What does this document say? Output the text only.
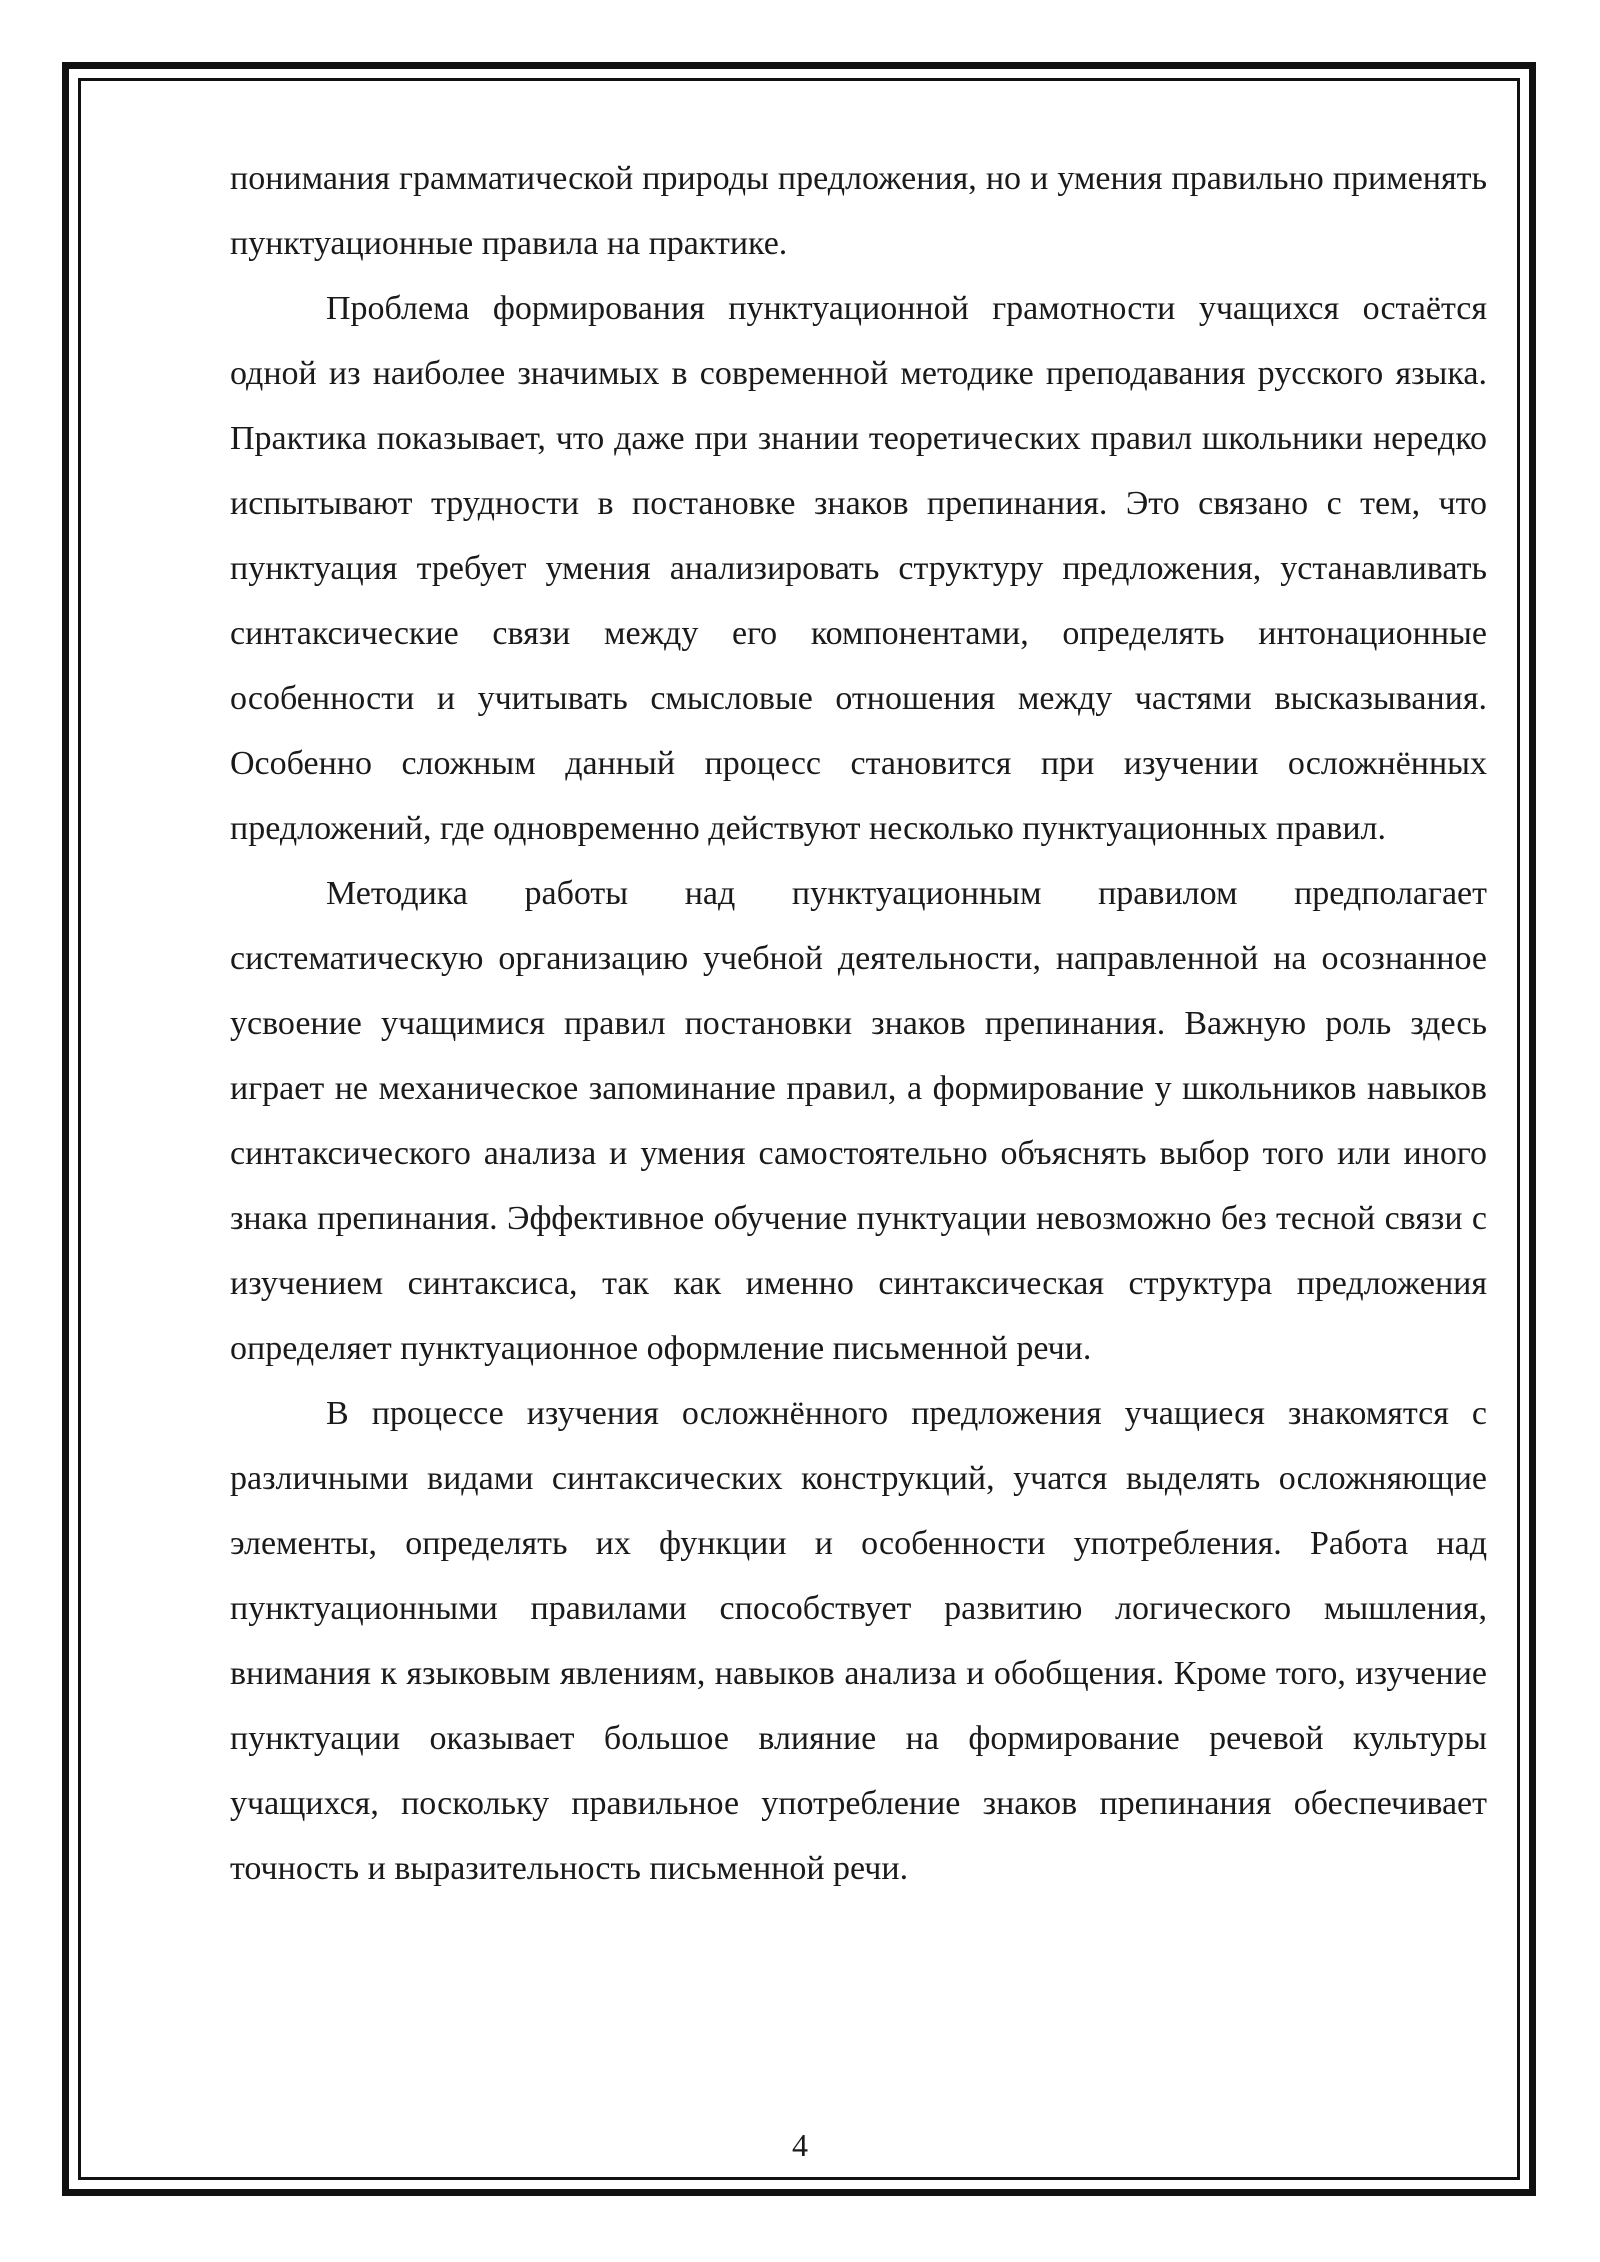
понимания грамматической природы предложения, но и умения правильно применять пунктуационные правила на практике.

Проблема формирования пунктуационной грамотности учащихся остаётся одной из наиболее значимых в современной методике преподавания русского языка. Практика показывает, что даже при знании теоретических правил школьники нередко испытывают трудности в постановке знаков препинания. Это связано с тем, что пунктуация требует умения анализировать структуру предложения, устанавливать синтаксические связи между его компонентами, определять интонационные особенности и учитывать смысловые отношения между частями высказывания. Особенно сложным данный процесс становится при изучении осложнённых предложений, где одновременно действуют несколько пунктуационных правил.

Методика работы над пунктуационным правилом предполагает систематическую организацию учебной деятельности, направленной на осознанное усвоение учащимися правил постановки знаков препинания. Важную роль здесь играет не механическое запоминание правил, а формирование у школьников навыков синтаксического анализа и умения самостоятельно объяснять выбор того или иного знака препинания. Эффективное обучение пунктуации невозможно без тесной связи с изучением синтаксиса, так как именно синтаксическая структура предложения определяет пунктуационное оформление письменной речи.

В процессе изучения осложнённого предложения учащиеся знакомятся с различными видами синтаксических конструкций, учатся выделять осложняющие элементы, определять их функции и особенности употребления. Работа над пунктуационными правилами способствует развитию логического мышления, внимания к языковым явлениям, навыков анализа и обобщения. Кроме того, изучение пунктуации оказывает большое влияние на формирование речевой культуры учащихся, поскольку правильное употребление знаков препинания обеспечивает точность и выразительность письменной речи.

4
